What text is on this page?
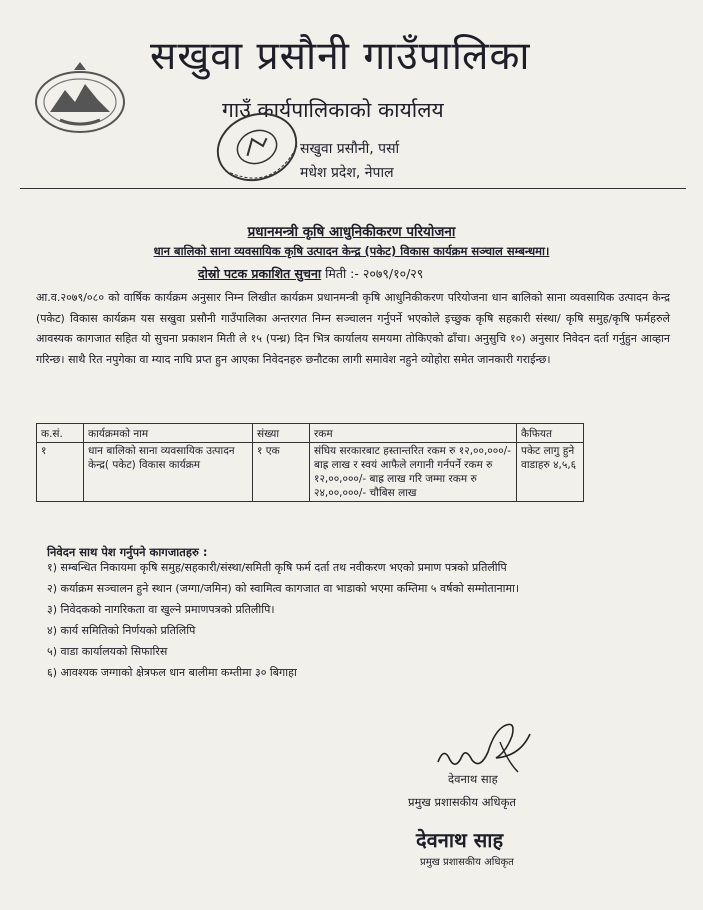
सखुवा प्रसौनी गाउँपालिका
गाउँ कार्यपालिकाको कार्यालय
सखुवा प्रसौनी, पर्सा
मधेश प्रदेश, नेपाल
प्रधानमन्त्री कृषि आधुनिकीकरण परियोजना
धान बालिको साना व्यवसायिक कृषि उत्पादन केन्द्र (पकेट) विकास कार्यक्रम सञ्चाल सम्बन्धमा।
दोस्रो पटक प्रकाशित सुचना मिती :- २०७९/१०/२९
आ.व.२०७९/०८० को वार्षिक कार्यक्रम अनुसार निम्न लिखीत कार्यक्रम प्रधानमन्त्री कृषि आधुनिकीकरण परियोजना धान बालिको साना व्यवसायिक उत्पादन केन्द्र (पकेट) विकास कार्यक्रम यस सखुवा प्रसौनी गाउँपालिका अन्तरगत निम्न सञ्चालन गर्नुपर्ने भएकोले इच्छुक कृषि सहकारी संस्था/ कृषि समुह/कृषि फर्महरुले आवस्यक कागजात सहित यो सुचना प्रकाशन मिती ले १५ (पन्ध्र) दिन भित्र कार्यालय समयमा तोकिएको ढाँचा। अनुसुचि १०) अनुसार निवेदन दर्ता गर्नुहुन आव्हान गरिन्छ। साथै रित नपुगेका वा म्याद नाघि प्रप्त हुन आएका निवेदनहरु छनौटका लागी समावेश नहुने व्योहोरा समेत जानकारी गराईन्छ।
क.सं.	कार्यक्रमको नाम	संख्या	रकम	कैफियत
१	धान बालिको साना व्यवसायिक उत्पादन केन्द्र( पकेट) विकास कार्यक्रम	१ एक	संघिय सरकारबाट हस्तान्तरित रकम रु १२,००,०००/- बाह्र लाख र स्वयं आफैले लगानी गर्नपर्ने रकम रु १२,००,०००/- बाह्र लाख गरि जम्मा रकम रु २४,००,०००/- चौबिस लाख	पकेट लागु हुने वाडाहरु ४,५,६
निवेदन साथ पेश गर्नुपने कागजातहरु :
१) सम्बन्धित निकायमा कृषि समुह/सहकारी/संस्था/समिती कृषि फर्म दर्ता तथ नवीकरण भएको प्रमाण पत्रको प्रतिलीपि
२) कर्याक्रम सञ्चालन हुने स्थान (जग्गा/जमिन) को स्वामित्व कागजात वा भाडाको भएमा कम्तिमा ५ वर्षको सम्मोतानामा।
३) निवेदकको नागरिकता वा खुल्ने प्रमाणपत्रको प्रतिलीपि।
४) कार्य समितिको निर्णयको प्रतिलिपि
५) वाडा कार्यालयको सिफारिस
६) आवश्यक जग्गाको क्षेत्रफल धान बालीमा कम्तीमा ३० बिगाहा
देवनाथ साह
प्रमुख प्रशासकीय अधिकृत
देवनाथ साह
प्रमुख प्रशासकीय अधिकृत
